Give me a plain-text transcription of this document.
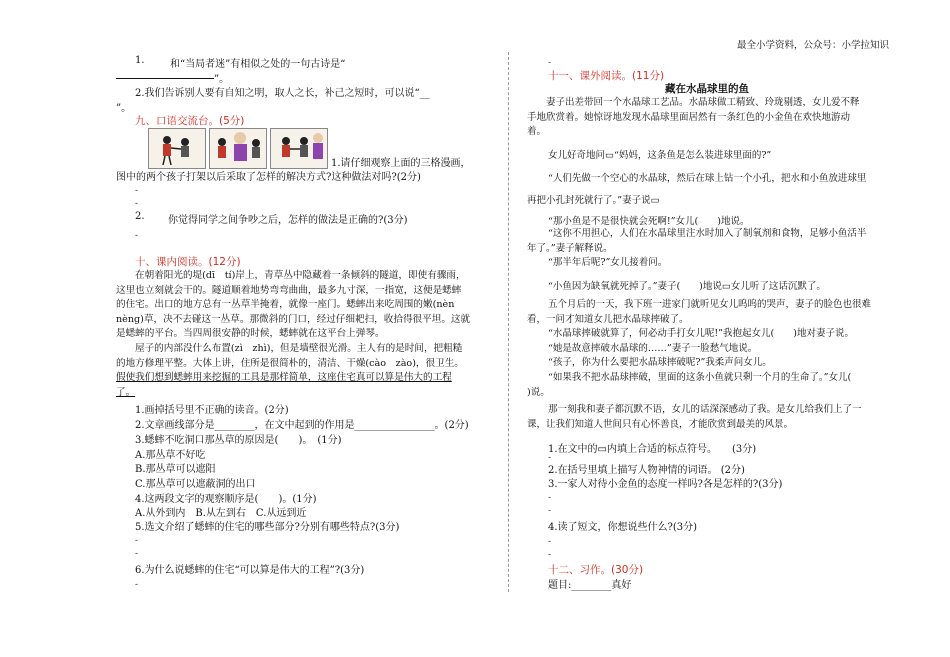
最全小学资料，公众号：小学拉知识
1.	和“当局者迷”有相似之处的一句古诗是“
”。
2.我们告诉别人要有自知之明，取人之长，补己之短时，可以说“__
”。
九、口语交流台。(5分)
1.请仔细观察上面的三格漫画，
图中的两个孩子打架以后采取了怎样的解决方式?这种做法对吗?(2分)
-
-
2. 你觉得同学之间争吵之后，怎样的做法是正确的?(3分)
-
十、课内阅读。(12分)
在朝着阳光的堤(dī　tí)岸上，青草丛中隐藏着一条倾斜的隧道，即使有骤雨，
这里也立刻就会干的。隧道顺着地势弯弯曲曲，最多九寸深，一指宽，这便是蟋蟀
的住宅。出口的地方总有一丛草半掩着，就像一座门。蟋蟀出来吃周围的嫩(nèn
nèng)草，决不去碰这一丛草。那微斜的门口，经过仔细耙扫，收拾得很平坦。这就
是蟋蟀的平台。当四周很安静的时候，蟋蟀就在这平台上弹琴。
屋子的内部没什么布置(zì　zhì)，但是墙壁很光滑。主人有的是时间，把粗糙
的地方修理平整。大体上讲，住所是很简朴的，清洁、干燥(cào　zào)，很卫生。
假使我们想到蟋蟀用来挖掘的工具是那样简单，这座住宅真可以算是伟大的工程
了。
1.画掉括号里不正确的读音。(2分)
2.文章画线部分是________，在文中起到的作用是________________。(2分)
3.蟋蟀不吃洞口那丛草的原因是(　　)。　(1分)
A.那丛草不好吃
B.那丛草可以遮阳
C.那丛草可以遮蔽洞的出口
4.这两段文字的观察顺序是(　　)。(1分)
A.从外到内　B.从左到右　C.从远到近
5.选文介绍了蟋蟀的住宅的哪些部分?分别有哪些特点?(3分)
-
-
6.为什么说蟋蟀的住宅“可以算是伟大的工程”?(3分)
-
-
十一、课外阅读。(11分)
藏在水晶球里的鱼
妻子出差带回一个水晶球工艺品。水晶球做工精致、玲珑剔透，女儿爱不释
手地欣赏着。她惊讶地发现水晶球里面居然有一条红色的小金鱼在欢快地游动
着。
女儿好奇地问▭“妈妈，这条鱼是怎么装进球里面的?”
“人们先做一个空心的水晶球，然后在球上钻一个小孔，把水和小鱼放进球里
再把小孔封死就行了。”妻子说▭
“那小鱼是不是很快就会死啊!”女儿(　　)地说。
“这你不用担心，人们在水晶球里注水时加入了制氧剂和食物，足够小鱼活半
年了。”妻子解释说。
“那半年后呢?”女儿接着问。
“小鱼因为缺氧就死掉了。”妻子(　　)地说▭女儿听了这话沉默了。
五个月后的一天，我下班一进家门就听见女儿呜呜的哭声，妻子的脸色也很难
看，一问才知道女儿把水晶球摔破了。
“水晶球摔破就算了，何必动手打女儿呢!”我抱起女儿(　　)地对妻子说。
“她是故意摔破水晶球的……”妻子一脸愁气地说。
“孩子，你为什么要把水晶球摔破呢?”我柔声问女儿。
“如果我不把水晶球摔破，里面的这条小鱼就只剩一个月的生命了。”女儿(
)说。
那一刻我和妻子都沉默不语，女儿的话深深感动了我。是女儿给我们上了一
课，让我们知道人世间只有心怀善良，才能欣赏到最美的风景。
1.在文中的▭内填上合适的标点符号。　　(3分)
-
2.在括号里填上描写人物神情的词语。 (2分)
3.一家人对待小金鱼的态度一样吗?各是怎样的?(3分)
-
-
4.读了短文，你想说些什么?(3分)
-
-
十二、习作。(30分)
题目:________真好
